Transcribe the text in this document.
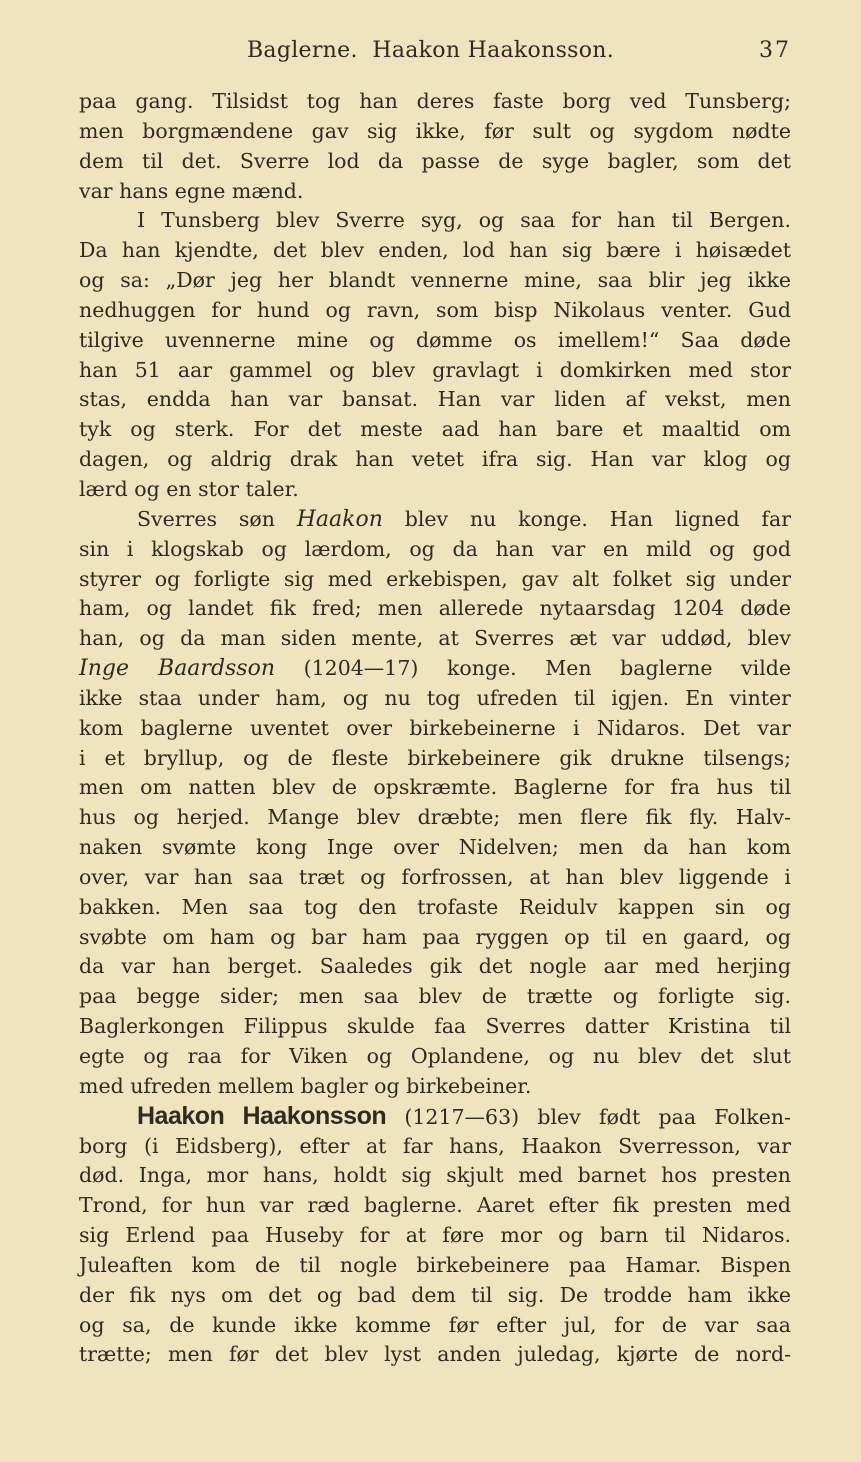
Baglerne.  Haakon Haakonsson.	37
paa gang. Tilsidst tog han deres faste borg ved Tunsberg;
men borgmændene gav sig ikke, før sult og sygdom nødte
dem til det. Sverre lod da passe de syge bagler, som det
var hans egne mænd.
I Tunsberg blev Sverre syg, og saa for han til Bergen.
Da han kjendte, det blev enden, lod han sig bære i høisædet
og sa: „Dør jeg her blandt vennerne mine, saa blir jeg ikke
nedhuggen for hund og ravn, som bisp Nikolaus venter. Gud
tilgive uvennerne mine og dømme os imellem!“ Saa døde
han 51 aar gammel og blev gravlagt i domkirken med stor
stas, endda han var bansat. Han var liden af vekst, men
tyk og sterk. For det meste aad han bare et maaltid om
dagen, og aldrig drak han vetet ifra sig. Han var klog og
lærd og en stor taler.
Sverres søn Haakon blev nu konge. Han ligned far
sin i klogskab og lærdom, og da han var en mild og god
styrer og forligte sig med erkebispen, gav alt folket sig under
ham, og landet fik fred; men allerede nytaarsdag 1204 døde
han, og da man siden mente, at Sverres æt var uddød, blev
Inge Baardsson (1204—17) konge. Men baglerne vilde
ikke staa under ham, og nu tog ufreden til igjen. En vinter
kom baglerne uventet over birkebeinerne i Nidaros. Det var
i et bryllup, og de fleste birkebeinere gik drukne tilsengs;
men om natten blev de opskræmte. Baglerne for fra hus til
hus og herjed. Mange blev dræbte; men flere fik fly. Halv-
naken svømte kong Inge over Nidelven; men da han kom
over, var han saa træt og forfrossen, at han blev liggende i
bakken. Men saa tog den trofaste Reidulv kappen sin og
svøbte om ham og bar ham paa ryggen op til en gaard, og
da var han berget. Saaledes gik det nogle aar med herjing
paa begge sider; men saa blev de trætte og forligte sig.
Baglerkongen Filippus skulde faa Sverres datter Kristina til
egte og raa for Viken og Oplandene, og nu blev det slut
med ufreden mellem bagler og birkebeiner.
Haakon Haakonsson (1217—63) blev født paa Folken-
borg (i Eidsberg), efter at far hans, Haakon Sverresson, var
død. Inga, mor hans, holdt sig skjult med barnet hos presten
Trond, for hun var ræd baglerne. Aaret efter fik presten med
sig Erlend paa Huseby for at føre mor og barn til Nidaros.
Juleaften kom de til nogle birkebeinere paa Hamar. Bispen
der fik nys om det og bad dem til sig. De trodde ham ikke
og sa, de kunde ikke komme før efter jul, for de var saa
trætte; men før det blev lyst anden juledag, kjørte de nord-
